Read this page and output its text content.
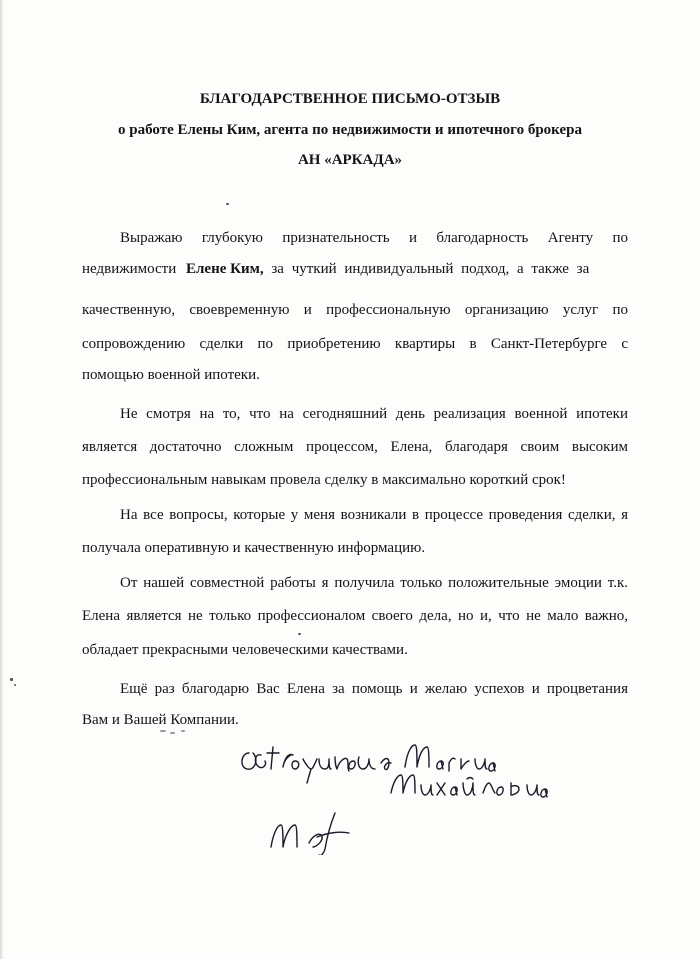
БЛАГОДАРСТВЕННОЕ ПИСЬМО-ОТЗЫВ
о работе Елены Ким, агента по недвижимости и ипотечного брокера
АН «АРКАДА»
Выражаю глубокую признательность и благодарность Агенту по
недвижимости Елене Ким, за чуткий индивидуальный подход, а также за
качественную, своевременную и профессиональную организацию услуг по
сопровождению сделки по приобретению квартиры в Санкт-Петербурге с
помощью военной ипотеки.
Не смотря на то, что на сегодняшний день реализация военной ипотеки
является достаточно сложным процессом, Елена, благодаря своим высоким
профессиональным навыкам провела сделку в максимально короткий срок!
На все вопросы, которые у меня возникали в процессе проведения сделки, я
получала оперативную и качественную информацию.
От нашей совместной работы я получила только положительные эмоции т.к.
Елена является не только профессионалом своего дела, но и, что не мало важно,
обладает прекрасными человеческими качествами.
Ещё раз благодарю Вас Елена за помощь и желаю успехов и процветания
Вам и Вашей Компании.
